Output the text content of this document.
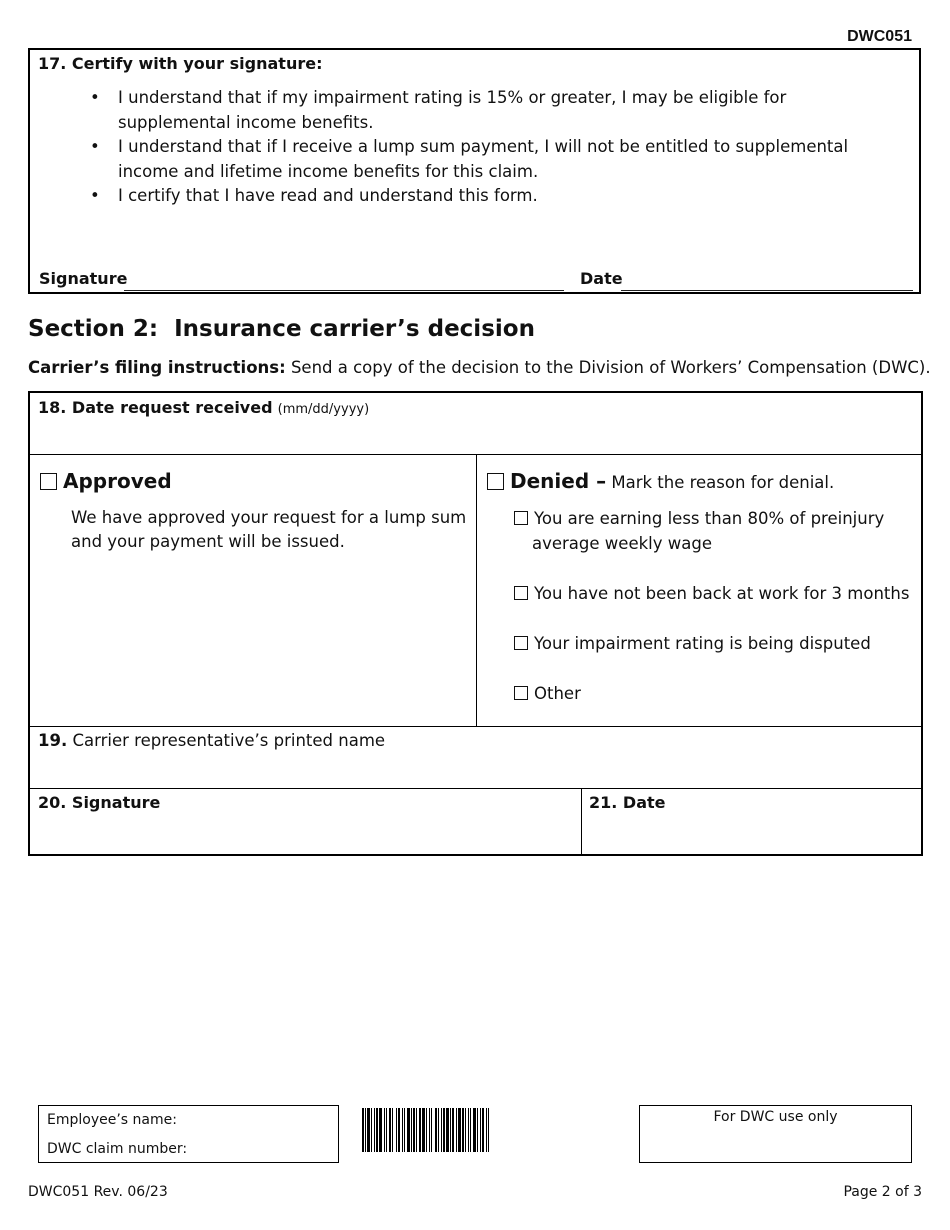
DWC051
17. Certify with your signature:
• I understand that if my impairment rating is 15% or greater, I may be eligible for supplemental income benefits.
• I understand that if I receive a lump sum payment, I will not be entitled to supplemental income and lifetime income benefits for this claim.
• I certify that I have read and understand this form.
Signature	Date
Section 2:  Insurance carrier’s decision
Carrier’s filing instructions: Send a copy of the decision to the Division of Workers’ Compensation (DWC).
18. Date request received (mm/dd/yyyy)
Approved
We have approved your request for a lump sum and your payment will be issued.
Denied – Mark the reason for denial.
You are earning less than 80% of preinjury average weekly wage
You have not been back at work for 3 months
Your impairment rating is being disputed
Other
19. Carrier representative’s printed name
20. Signature	21. Date
Employee’s name:
DWC claim number:
For DWC use only
DWC051 Rev. 06/23	Page 2 of 3
